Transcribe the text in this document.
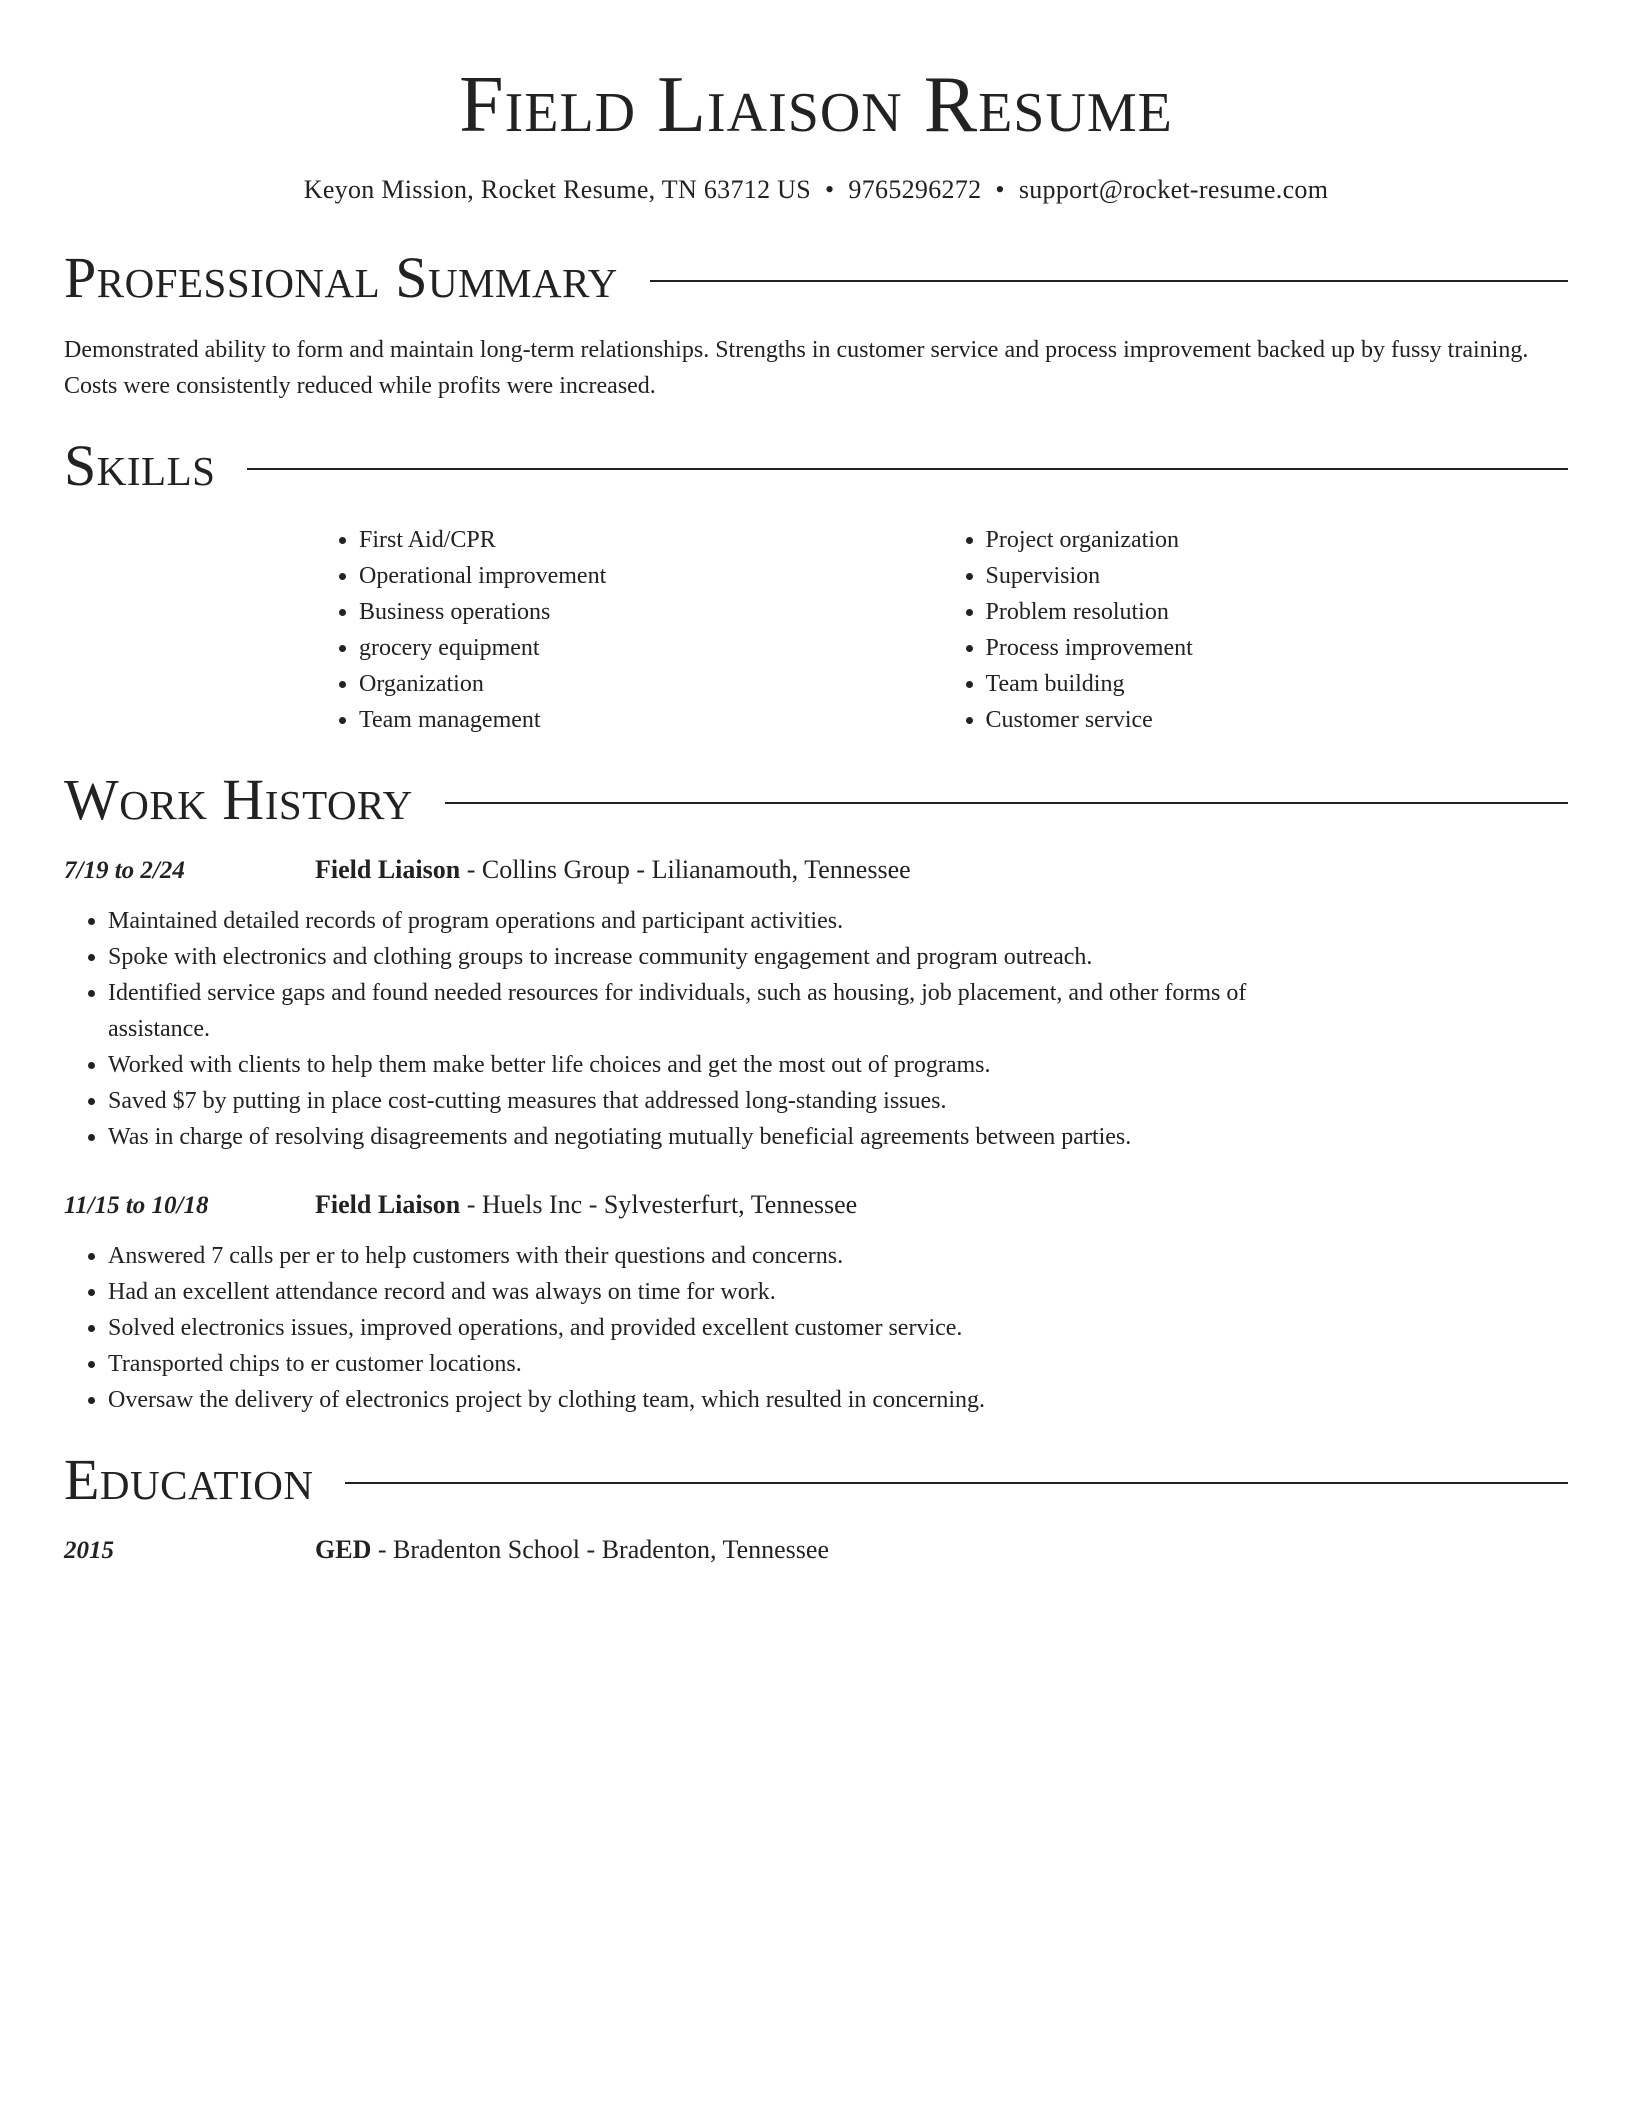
Field Liaison Resume
Keyon Mission, Rocket Resume, TN 63712 US • 9765296272 • support@rocket-resume.com
Professional Summary

Demonstrated ability to form and maintain long-term relationships. Strengths in customer service and process improvement backed up by fussy training. Costs were consistently reduced while profits were increased.

Skills
• First Aid/CPR
• Operational improvement
• Business operations
• grocery equipment
• Organization
• Team management
• Project organization
• Supervision
• Problem resolution
• Process improvement
• Team building
• Customer service
Work History
7/19 to 2/24	Field Liaison - Collins Group - Lilianamouth, Tennessee
• Maintained detailed records of program operations and participant activities.
• Spoke with electronics and clothing groups to increase community engagement and program outreach.
• Identified service gaps and found needed resources for individuals, such as housing, job placement, and other forms of assistance.
• Worked with clients to help them make better life choices and get the most out of programs.
• Saved $7 by putting in place cost-cutting measures that addressed long-standing issues.
• Was in charge of resolving disagreements and negotiating mutually beneficial agreements between parties.
11/15 to 10/18	Field Liaison - Huels Inc - Sylvesterfurt, Tennessee
• Answered 7 calls per er to help customers with their questions and concerns.
• Had an excellent attendance record and was always on time for work.
• Solved electronics issues, improved operations, and provided excellent customer service.
• Transported chips to er customer locations.
• Oversaw the delivery of electronics project by clothing team, which resulted in concerning.
Education
2015	GED - Bradenton School - Bradenton, Tennessee
